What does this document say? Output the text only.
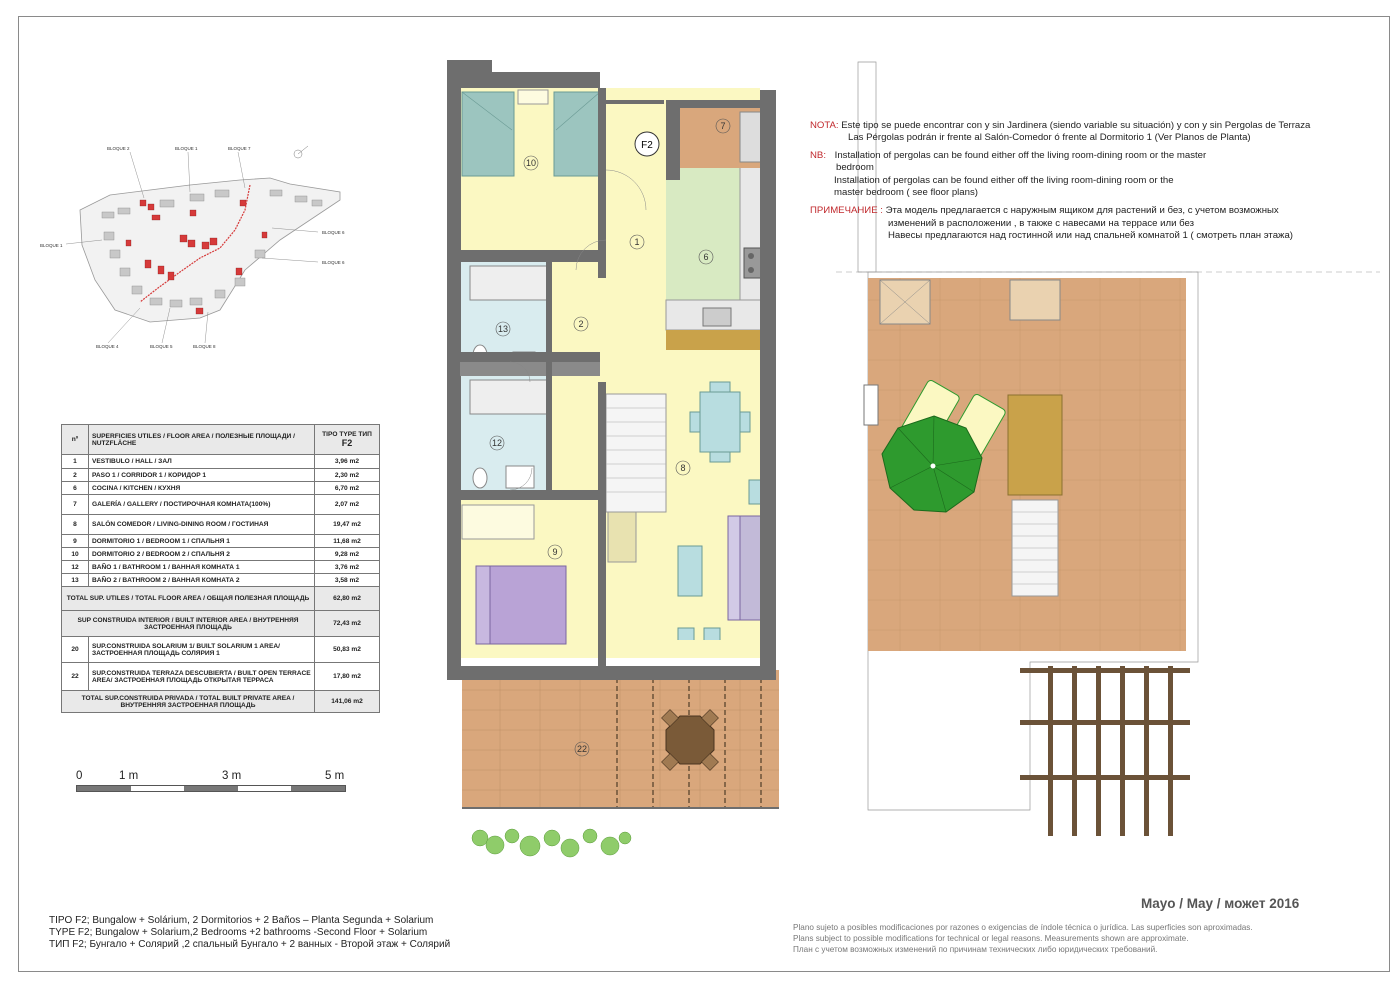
BLOQUE 2	BLOQUE 1	BLOQUE 7
BLOQUE 6
BLOQUE 6
BLOQUE 1
BLOQUE 4	BLOQUE 5	BLOQUE 8
nº	SUPERFICIES UTILES / FLOOR AREA / ПОЛЕЗНЫЕ ПЛОЩАДИ / NUTZFLÄCHE	TIPO TYPE ТИП F2
1	VESTIBULO / HALL / ЗАЛ	3,96 m2
2	PASO 1 / CORRIDOR 1 / КОРИДОР 1	2,30 m2
6	COCINA / KITCHEN / КУХНЯ	6,70 m2
7	GALERÍA / GALLERY / ПОСТИРОЧНАЯ КОМНАТА(100%)	2,07 m2
8	SALÓN COMEDOR / LIVING-DINING ROOM / ГОСТИНАЯ	19,47 m2
9	DORMITORIO 1 / BEDROOM 1 / СПАЛЬНЯ 1	11,68 m2
10	DORMITORIO 2 / BEDROOM 2 / СПАЛЬНЯ 2	9,28 m2
12	BAÑO 1 / BATHROOM 1 / ВАННАЯ КОМНАТА 1	3,76 m2
13	BAÑO 2 / BATHROOM 2 / ВАННАЯ КОМНАТА 2	3,58 m2
TOTAL SUP. UTILES / TOTAL FLOOR AREA / ОБЩАЯ ПОЛЕЗНАЯ ПЛОЩАДЬ		62,80 m2
SUP CONSTRUIDA INTERIOR / BUILT INTERIOR AREA / ВНУТРЕННЯЯ ЗАСТРОЕННАЯ ПЛОЩАДЬ		72,43 m2
20	SUP.CONSTRUIDA SOLARIUM 1/ BUILT SOLARIUM 1 AREA/ ЗАСТРОЕННАЯ ПЛОЩАДЬ СОЛЯРИЯ 1	50,83 m2
22	SUP.CONSTRUIDA TERRAZA DESCUBIERTA / BUILT OPEN TERRACE AREA/ ЗАСТРОЕННАЯ ПЛОЩАДЬ ОТКРЫТАЯ ТЕРРАСА	17,80 m2
TOTAL SUP.CONSTRUIDA PRIVADA / TOTAL BUILT PRIVATE AREA / ВНУТРЕННЯЯ ЗАСТРОЕННАЯ ПЛОЩАДЬ		141,06 m2
0	1 m	3 m	5 m
F2
10
7
1
6
2
13
8
12
9
22
NOTA:
Este tipo se puede encontrar con y sin Jardinera (siendo variable su situación) y con y sin Pergolas de Terraza
Las Pérgolas podrán ir frente al Salón-Comedor ó frente al Dormitorio 1 (Ver Planos de Planta)
NB:
Installation of pergolas can be found either off the living room-dining room or the master
bedroom
Installation of pergolas can be found either off the living room-dining room or the
master bedroom ( see floor plans)
ПРИМЕЧАНИЕ :
Эта модель предлагается с наружным ящиком для растений и без, с учетом возможных
изменений в расположении , в также с навесами на террасе или без
Навесы предлагаются над гостинной или над спальней комнатой 1 ( смотреть план этажа)
Mayo / May / может 2016
TIPO F2; Bungalow + Solárium, 2 Dormitorios + 2 Baños – Planta Segunda + Solarium
TYPE F2; Bungalow + Solarium,2 Bedrooms +2 bathrooms -Second Floor + Solarium
ТИП F2; Бунгало + Солярий ,2 спальный Бунгало + 2 ванных - Второй этаж + Солярий
Plano sujeto a posibles modificaciones por razones o exigencias de índole técnica o jurídica. Las superficies son aproximadas.
Plans subject to possible modifications for technical or legal reasons. Measurements shown are approximate.
План с учетом возможных изменений по причинам технических либо юридических требований.
